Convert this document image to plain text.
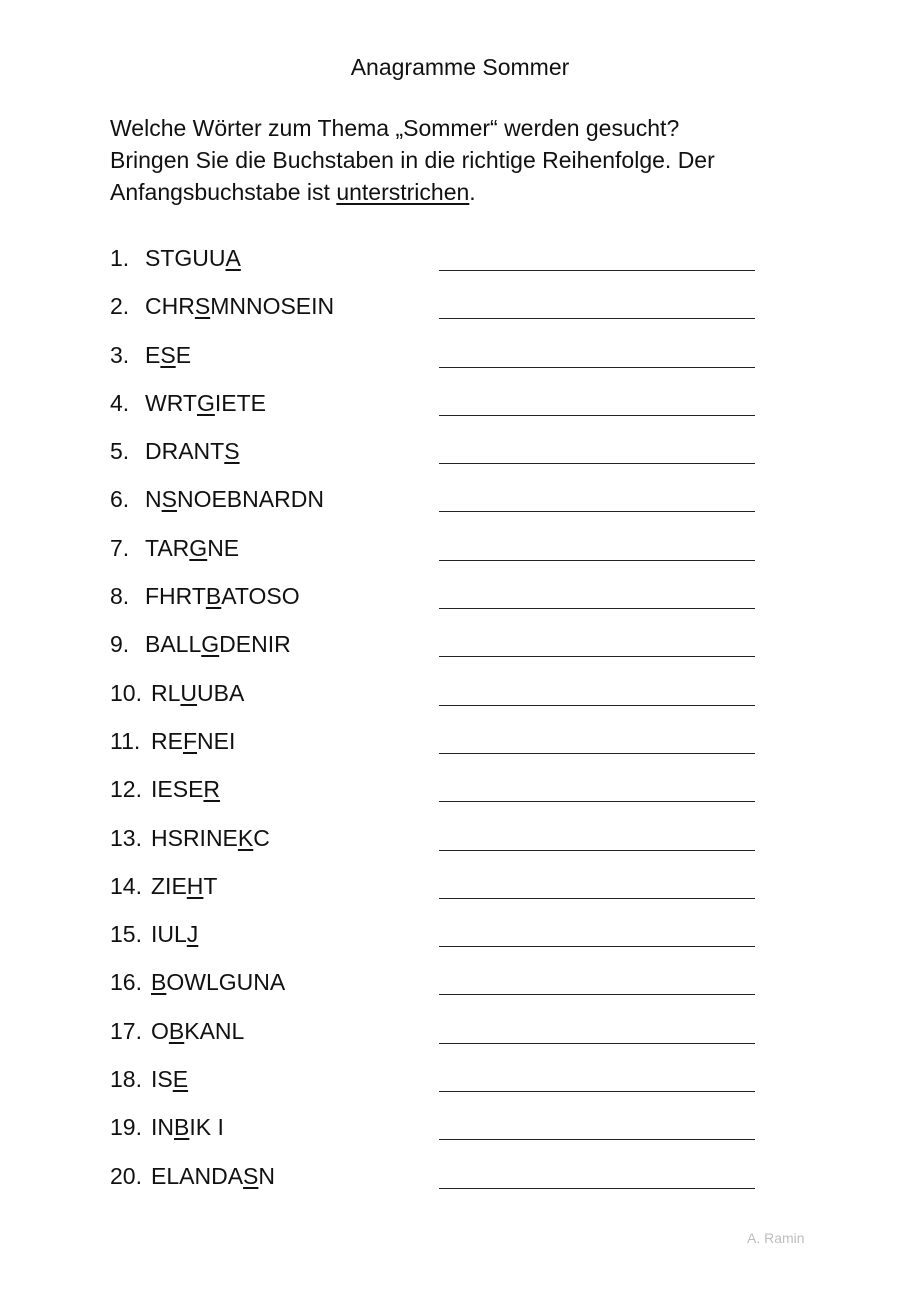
Anagramme Sommer
Welche Wörter zum Thema „Sommer“ werden gesucht?
Bringen Sie die Buchstaben in die richtige Reihenfolge. Der
Anfangsbuchstabe ist unterstrichen.
1. STGUUA
2. CHRSMNNOSEIN
3. ESE
4. WRTGIETE
5. DRANTS
6. NSNOEBNARDN
7. TARGNE
8. FHRTBATOSO
9. BALLGDENIR
10. RLUUBA
11. REFNEI
12. IESER
13. HSRINEKC
14. ZIEHT
15. IULJ
16. BOWLGUNA
17. OBKANL
18. ISE
19. INBIK I
20. ELANDASN
A. Ramin
